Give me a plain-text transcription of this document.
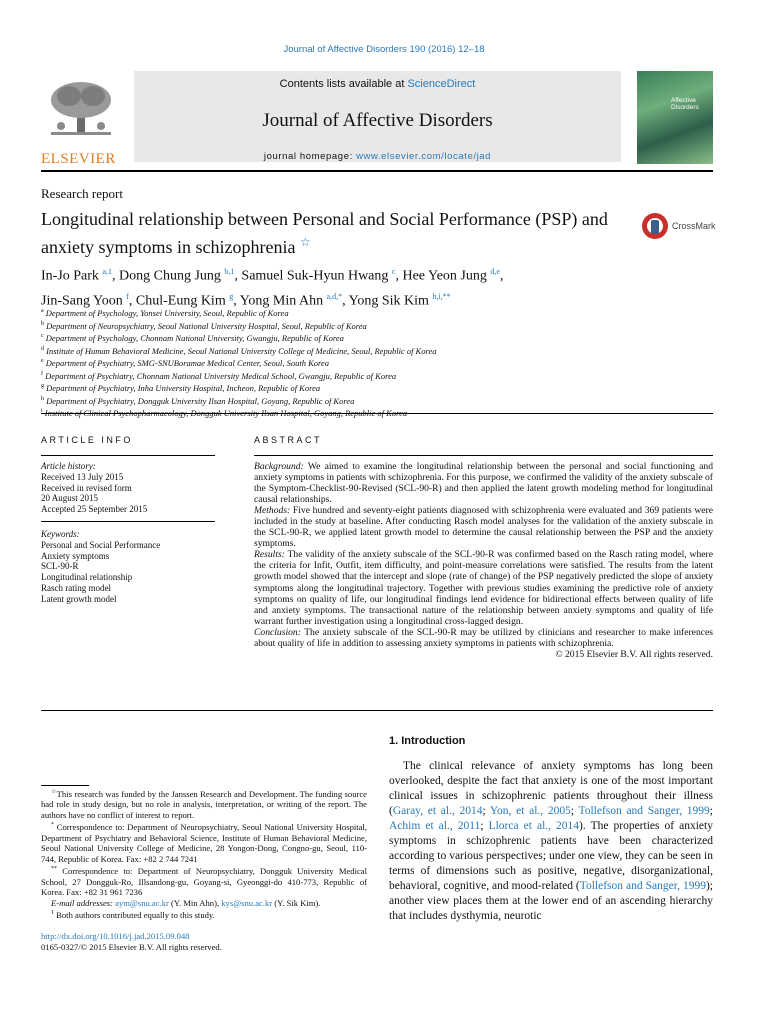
Journal of Affective Disorders 190 (2016) 12–18
ELSEVIER
Contents lists available at ScienceDirect
Journal of Affective Disorders
journal homepage: www.elsevier.com/locate/jad
Affective Disorders
Research report
Longitudinal relationship between Personal and Social Performance (PSP) and anxiety symptoms in schizophrenia ☆
CrossMark
In-Jo Park $^{a,1}$, Dong Chung Jung $^{b,1}$, Samuel Suk-Hyun Hwang $^c$, Hee Yeon Jung $^{d,e}$,
Jin-Sang Yoon $^f$, Chul-Eung Kim $^g$, Yong Min Ahn $^{a,d,*}$, Yong Sik Kim $^{h,i,**}$
$^a$ Department of Psychology, Yonsei University, Seoul, Republic of Korea
$^b$ Department of Neuropsychiatry, Seoul National University Hospital, Seoul, Republic of Korea
$^c$ Department of Psychology, Chonnam National University, Gwangju, Republic of Korea
$^d$ Institute of Human Behavioral Medicine, Seoul National University College of Medicine, Seoul, Republic of Korea
$^e$ Department of Psychiatry, SMG-SNUBoramae Medical Center, Seoul, South Korea
$^f$ Department of Psychiatry, Chonnam National University Medical School, Gwangju, Republic of Korea
$^g$ Department of Psychiatry, Inha University Hospital, Incheon, Republic of Korea
$^h$ Department of Psychiatry, Dongguk University Ilsan Hospital, Goyang, Republic of Korea
$^i$ Institute of Clinical Psychopharmacology, Dongguk University Ilsan Hospital, Goyang, Republic of Korea
ARTICLE INFO
Article history:
Received 13 July 2015
Received in revised form
20 August 2015
Accepted 25 September 2015
Keywords:
Personal and Social Performance
Anxiety symptoms
SCL-90-R
Longitudinal relationship
Rasch rating model
Latent growth model
ABSTRACT
Background: We aimed to examine the longitudinal relationship between the personal and social functioning and anxiety symptoms in patients with schizophrenia. For this purpose, we confirmed the validity of the anxiety subscale of the Symptom-Checklist-90-Revised (SCL-90-R) and then applied the latent growth modeling method for longitudinal causal relationships.
Methods: Five hundred and seventy-eight patients diagnosed with schizophrenia were evaluated and 369 patients were included in the study at baseline. After conducting Rasch model analyses for the validation of the anxiety subscale in the SCL-90-R, we applied latent growth model to determine the causal relationship between the PSP and the anxiety symptoms.
Results: The validity of the anxiety subscale of the SCL-90-R was confirmed based on the Rasch rating model, where the criteria for Infit, Outfit, item difficulty, and point-measure correlations were satisfied. The results from the latent growth model showed that the intercept and slope (rate of change) of the PSP negatively predicted the slope of anxiety symptoms along the longitudinal trajectory. Together with previous studies examining the predictive role of anxiety symptoms on quality of life, our longitudinal findings lend evidence for bidirectional effects between quality of life and anxiety symptoms. The transactional nature of the relationship between anxiety symptoms and quality of life warrant further investigation using a longitudinal cross-lagged design.
Conclusion: The anxiety subscale of the SCL-90-R may be utilized by clinicians and researcher to make inferences about quality of life in addition to assessing anxiety symptoms in patients with schizophrenia.
© 2015 Elsevier B.V. All rights reserved.
1. Introduction
The clinical relevance of anxiety symptoms has long been overlooked, despite the fact that anxiety is one of the most important clinical issues in schizophrenic patients throughout their illness (Garay, et al., 2014; Yon, et al., 2005; Tollefson and Sanger, 1999; Achim et al., 2011; Llorca et al., 2014). The properties of anxiety symptoms in schizophrenic patients have been characterized according to various perspectives; under one view, they can be seen in terms of dimensions such as positive, negative, disorganizational, behavioral, cognitive, and mood-related (Tollefson and Sanger, 1999); another view places them at the lower end of an ascending hierarchy that includes dysthymia, neurotic
☆This research was funded by the Janssen Research and Development. The funding source had role in study design, but no role in analysis, interpretation, or writing of the report. The authors have no conflict of interest to report.
* Correspondence to: Department of Neuropsychiatry, Seoul National University Hospital, Department of Psychiatry and Behavioral Science, Institute of Human Behavioral Medicine, Seoul National University College of Medicine, 28 Yongon-Dong, Congno-gu, Seoul, 110-744, Republic of Korea. Fax: +82 2 744 7241
** Correspondence to: Department of Neuropsychiatry, Dongguk University Medical School, 27 Dongguk-Ro, Illsandong-gu, Goyang-si, Gyeonggi-do 410-773, Republic of Korea. Fax: +82 31 961 7236
E-mail addresses: aym@snu.ac.kr (Y. Min Ahn), kys@snu.ac.kr (Y. Sik Kim).
$^1$ Both authors contributed equally to this study.
http://dx.doi.org/10.1016/j.jad.2015.09.048
0165-0327/© 2015 Elsevier B.V. All rights reserved.
